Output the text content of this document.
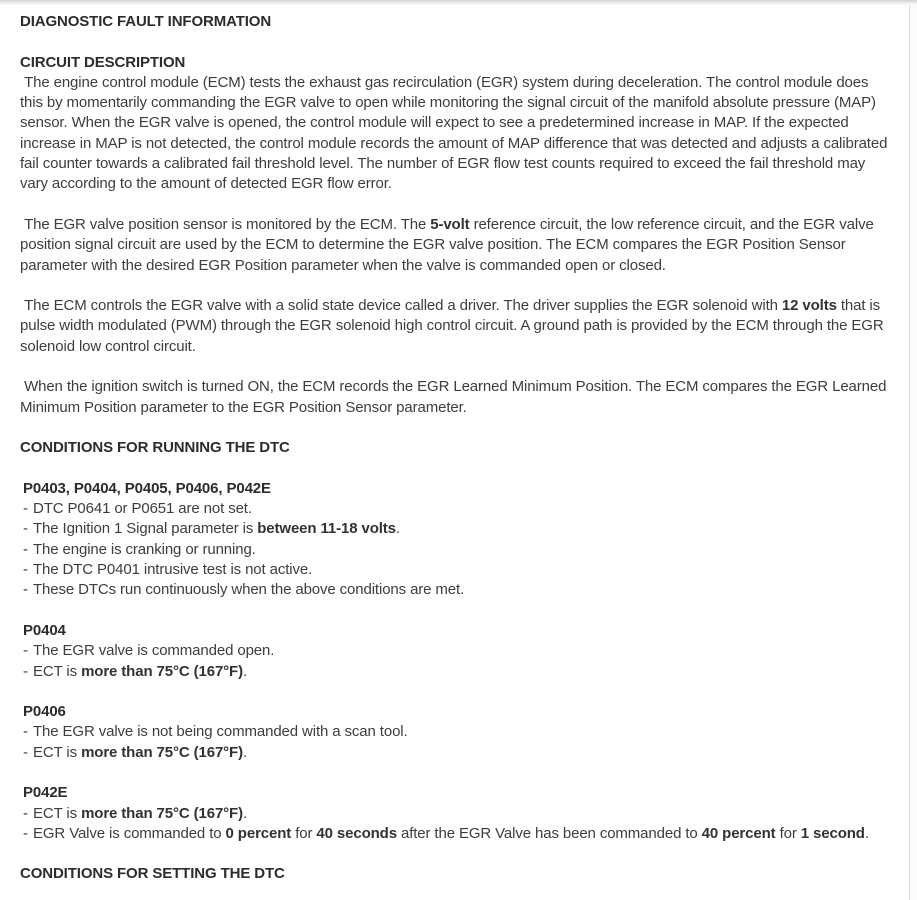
DIAGNOSTIC FAULT INFORMATION
CIRCUIT DESCRIPTION

The engine control module (ECM) tests the exhaust gas recirculation (EGR) system during deceleration. The control module does this by momentarily commanding the EGR valve to open while monitoring the signal circuit of the manifold absolute pressure (MAP) sensor. When the EGR valve is opened, the control module will expect to see a predetermined increase in MAP. If the expected increase in MAP is not detected, the control module records the amount of MAP difference that was detected and adjusts a calibrated fail counter towards a calibrated fail threshold level. The number of EGR flow test counts required to exceed the fail threshold may vary according to the amount of detected EGR flow error.

The EGR valve position sensor is monitored by the ECM. The 5-volt reference circuit, the low reference circuit, and the EGR valve position signal circuit are used by the ECM to determine the EGR valve position. The ECM compares the EGR Position Sensor parameter with the desired EGR Position parameter when the valve is commanded open or closed.

The ECM controls the EGR valve with a solid state device called a driver. The driver supplies the EGR solenoid with 12 volts that is pulse width modulated (PWM) through the EGR solenoid high control circuit. A ground path is provided by the ECM through the EGR solenoid low control circuit.

When the ignition switch is turned ON, the ECM records the EGR Learned Minimum Position. The ECM compares the EGR Learned Minimum Position parameter to the EGR Position Sensor parameter.

CONDITIONS FOR RUNNING THE DTC
P0403, P0404, P0405, P0406, P042E
- DTC P0641 or P0651 are not set.
- The Ignition 1 Signal parameter is between 11-18 volts.
- The engine is cranking or running.
- The DTC P0401 intrusive test is not active.
- These DTCs run continuously when the above conditions are met.
P0404
- The EGR valve is commanded open.
- ECT is more than 75°C (167°F).
P0406
- The EGR valve is not being commanded with a scan tool.
- ECT is more than 75°C (167°F).
P042E
- ECT is more than 75°C (167°F).
- EGR Valve is commanded to 0 percent for 40 seconds after the EGR Valve has been commanded to 40 percent for 1 second.
CONDITIONS FOR SETTING THE DTC
